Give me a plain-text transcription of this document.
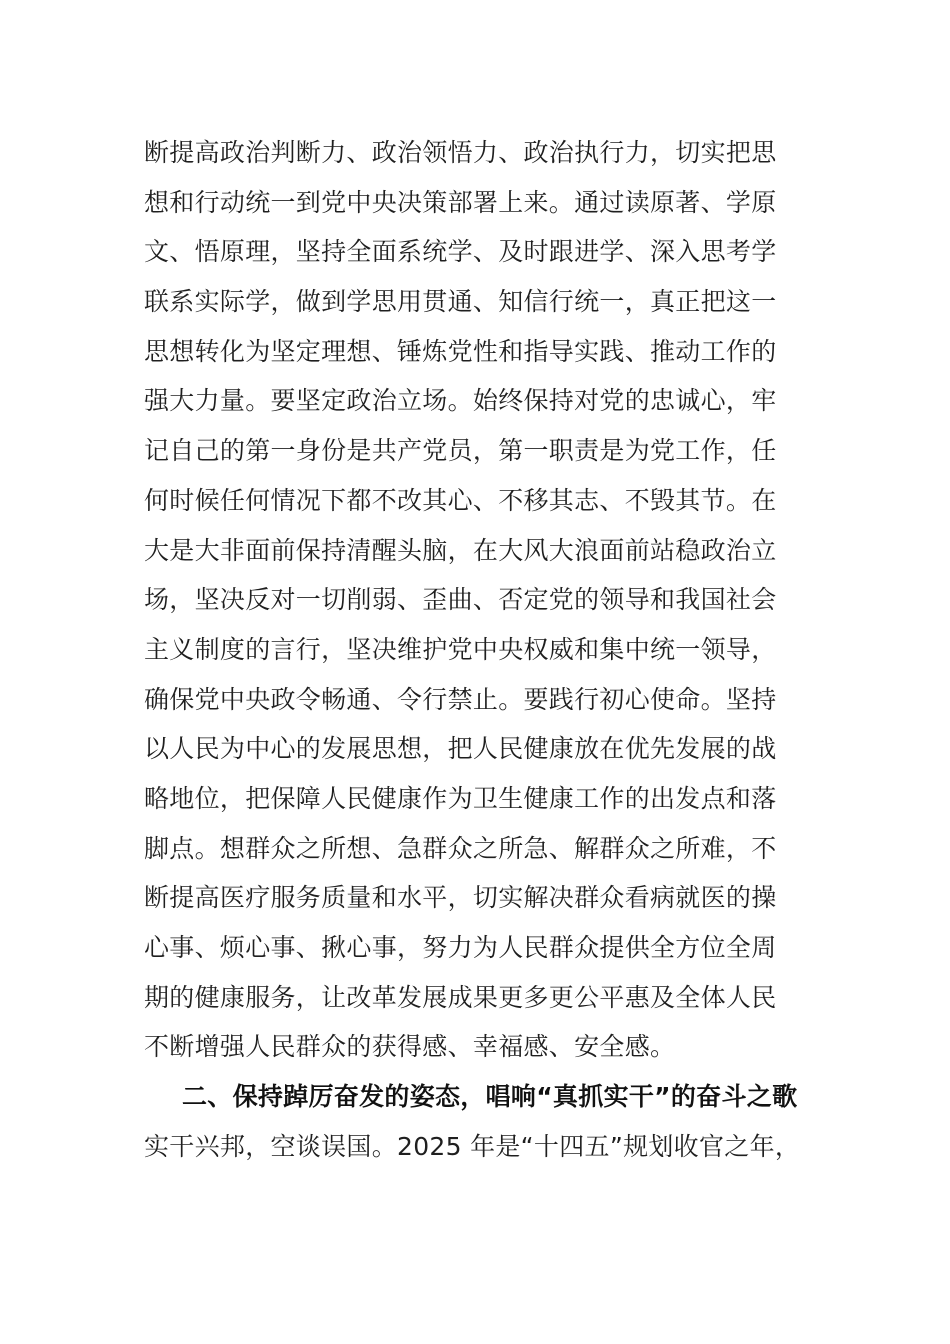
断提高政治判断力、政治领悟力、政治执行力，切实把思
想和行动统一到党中央决策部署上来。通过读原著、学原
文、悟原理，坚持全面系统学、及时跟进学、深入思考学
联系实际学，做到学思用贯通、知信行统一，真正把这一
思想转化为坚定理想、锤炼党性和指导实践、推动工作的
强大力量。要坚定政治立场。始终保持对党的忠诚心，牢
记自己的第一身份是共产党员，第一职责是为党工作，任
何时候任何情况下都不改其心、不移其志、不毁其节。在
大是大非面前保持清醒头脑，在大风大浪面前站稳政治立
场，坚决反对一切削弱、歪曲、否定党的领导和我国社会
主义制度的言行，坚决维护党中央权威和集中统一领导，
确保党中央政令畅通、令行禁止。要践行初心使命。坚持
以人民为中心的发展思想，把人民健康放在优先发展的战
略地位，把保障人民健康作为卫生健康工作的出发点和落
脚点。想群众之所想、急群众之所急、解群众之所难，不
断提高医疗服务质量和水平，切实解决群众看病就医的操
心事、烦心事、揪心事，努力为人民群众提供全方位全周
期的健康服务，让改革发展成果更多更公平惠及全体人民
不断增强人民群众的获得感、幸福感、安全感。
二、保持踔厉奋发的姿态，唱响“真抓实干”的奋斗之歌
实干兴邦，空谈误国。2025 年是“十四五”规划收官之年，
